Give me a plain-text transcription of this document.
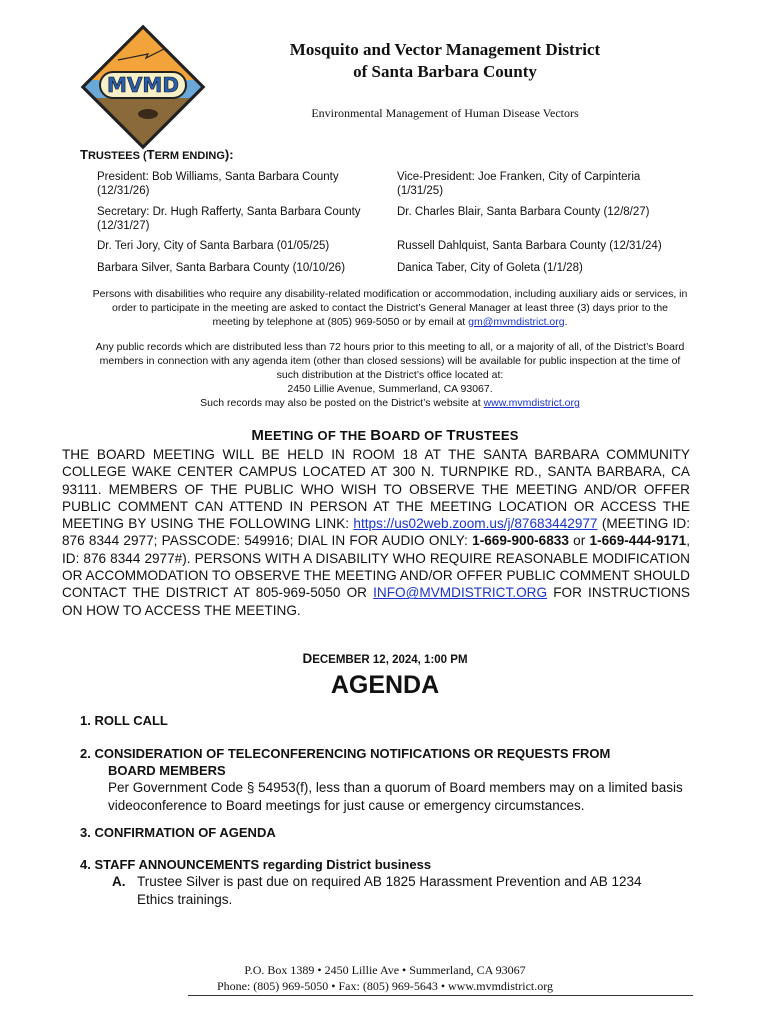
MVMD
Mosquito and Vector Management District
of Santa Barbara County
Environmental Management of Human Disease Vectors
TRUSTEES (TERM ENDING):
President: Bob Williams, Santa Barbara County (12/31/26)
Secretary: Dr. Hugh Rafferty, Santa Barbara County (12/31/27)
Dr. Teri Jory, City of Santa Barbara (01/05/25)
Barbara Silver, Santa Barbara County (10/10/26)
Vice-President: Joe Franken, City of Carpinteria (1/31/25)
Dr. Charles Blair, Santa Barbara County (12/8/27)
Russell Dahlquist, Santa Barbara County (12/31/24)
Danica Taber, City of Goleta (1/1/28)
Persons with disabilities who require any disability-related modification or accommodation, including auxiliary aids or services, in order to participate in the meeting are asked to contact the District’s General Manager at least three (3) days prior to the meeting by telephone at (805) 969-5050 or by email at gm@mvmdistrict.org.
Any public records which are distributed less than 72 hours prior to this meeting to all, or a majority of all, of the District’s Board members in connection with any agenda item (other than closed sessions) will be available for public inspection at the time of such distribution at the District’s office located at:
2450 Lillie Avenue, Summerland, CA 93067.
Such records may also be posted on the District’s website at www.mvmdistrict.org
MEETING OF THE BOARD OF TRUSTEES
THE BOARD MEETING WILL BE HELD IN ROOM 18 AT THE SANTA BARBARA COMMUNITY COLLEGE WAKE CENTER CAMPUS LOCATED AT 300 N. TURNPIKE RD., SANTA BARBARA, CA 93111. MEMBERS OF THE PUBLIC WHO WISH TO OBSERVE THE MEETING AND/OR OFFER PUBLIC COMMENT CAN ATTEND IN PERSON AT THE MEETING LOCATION OR ACCESS THE MEETING BY USING THE FOLLOWING LINK: https://us02web.zoom.us/j/87683442977 (MEETING ID: 876 8344 2977; PASSCODE: 549916; DIAL IN FOR AUDIO ONLY: 1-669-900-6833 or 1-669-444-9171, ID: 876 8344 2977#). PERSONS WITH A DISABILITY WHO REQUIRE REASONABLE MODIFICATION OR ACCOMMODATION TO OBSERVE THE MEETING AND/OR OFFER PUBLIC COMMENT SHOULD CONTACT THE DISTRICT AT 805-969-5050 OR INFO@MVMDISTRICT.ORG FOR INSTRUCTIONS ON HOW TO ACCESS THE MEETING.
DECEMBER 12, 2024, 1:00 PM
AGENDA
1. ROLL CALL
2. CONSIDERATION OF TELECONFERENCING NOTIFICATIONS OR REQUESTS FROM
BOARD MEMBERS
Per Government Code § 54953(f), less than a quorum of Board members may on a limited basis videoconference to Board meetings for just cause or emergency circumstances.
3. CONFIRMATION OF AGENDA
4. STAFF ANNOUNCEMENTS regarding District business
A. Trustee Silver is past due on required AB 1825 Harassment Prevention and AB 1234 Ethics trainings.
P.O. Box 1389 • 2450 Lillie Ave • Summerland, CA 93067
Phone: (805) 969-5050 • Fax: (805) 969-5643 • www.mvmdistrict.org
